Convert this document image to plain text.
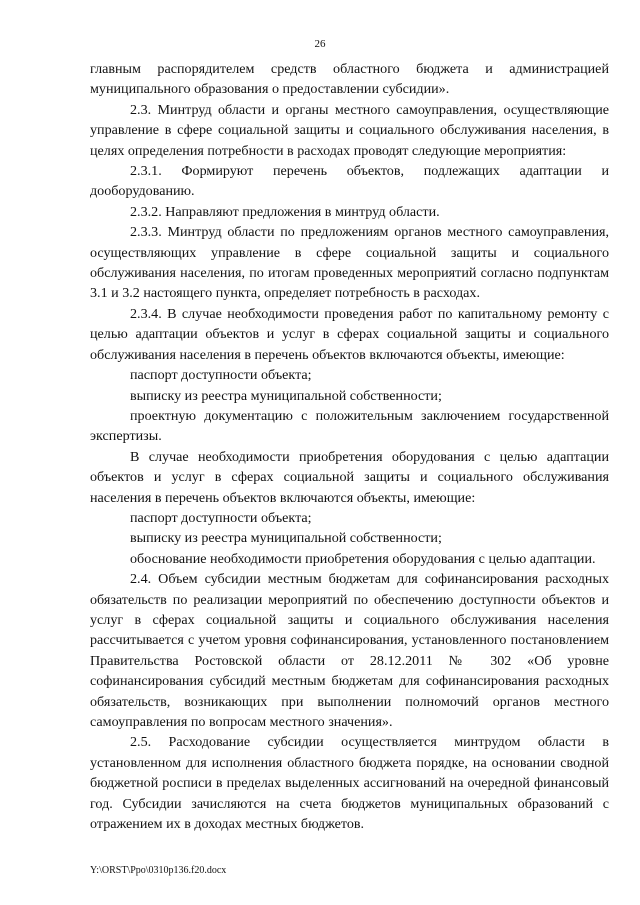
26

главным распорядителем средств областного бюджета и администрацией муниципального образования о предоставлении субсидии».

2.3. Минтруд области и органы местного самоуправления, осуществляющие управление в сфере социальной защиты и социального обслуживания населения, в целях определения потребности в расходах проводят следующие мероприятия:

2.3.1. Формируют перечень объектов, подлежащих адаптации и дооборудованию.

2.3.2. Направляют предложения в минтруд области.

2.3.3. Минтруд области по предложениям органов местного самоуправления, осуществляющих управление в сфере социальной защиты и социального обслуживания населения, по итогам проведенных мероприятий согласно подпунктам 3.1 и 3.2 настоящего пункта, определяет потребность в расходах.

2.3.4. В случае необходимости проведения работ по капитальному ремонту с целью адаптации объектов и услуг в сферах социальной защиты и социального обслуживания населения в перечень объектов включаются объекты, имеющие:

паспорт доступности объекта;

выписку из реестра муниципальной собственности;

проектную документацию с положительным заключением государственной экспертизы.

В случае необходимости приобретения оборудования с целью адаптации объектов и услуг в сферах социальной защиты и социального обслуживания населения в перечень объектов включаются объекты, имеющие:

паспорт доступности объекта;

выписку из реестра муниципальной собственности;

обоснование необходимости приобретения оборудования с целью адаптации.

2.4. Объем субсидии местным бюджетам для софинансирования расходных обязательств по реализации мероприятий по обеспечению доступности объектов и услуг в сферах социальной защиты и социального обслуживания населения рассчитывается с учетом уровня софинансирования, установленного постановлением Правительства Ростовской области от 28.12.2011 № 302 «Об уровне софинансирования субсидий местным бюджетам для софинансирования расходных обязательств, возникающих при выполнении полномочий органов местного самоуправления по вопросам местного значения».

2.5. Расходование субсидии осуществляется минтрудом области в установленном для исполнения областного бюджета порядке, на основании сводной бюджетной росписи в пределах выделенных ассигнований на очередной финансовый год. Субсидии зачисляются на счета бюджетов муниципальных образований с отражением их в доходах местных бюджетов.

Y:\ORST\Ppo\0310p136.f20.docx
